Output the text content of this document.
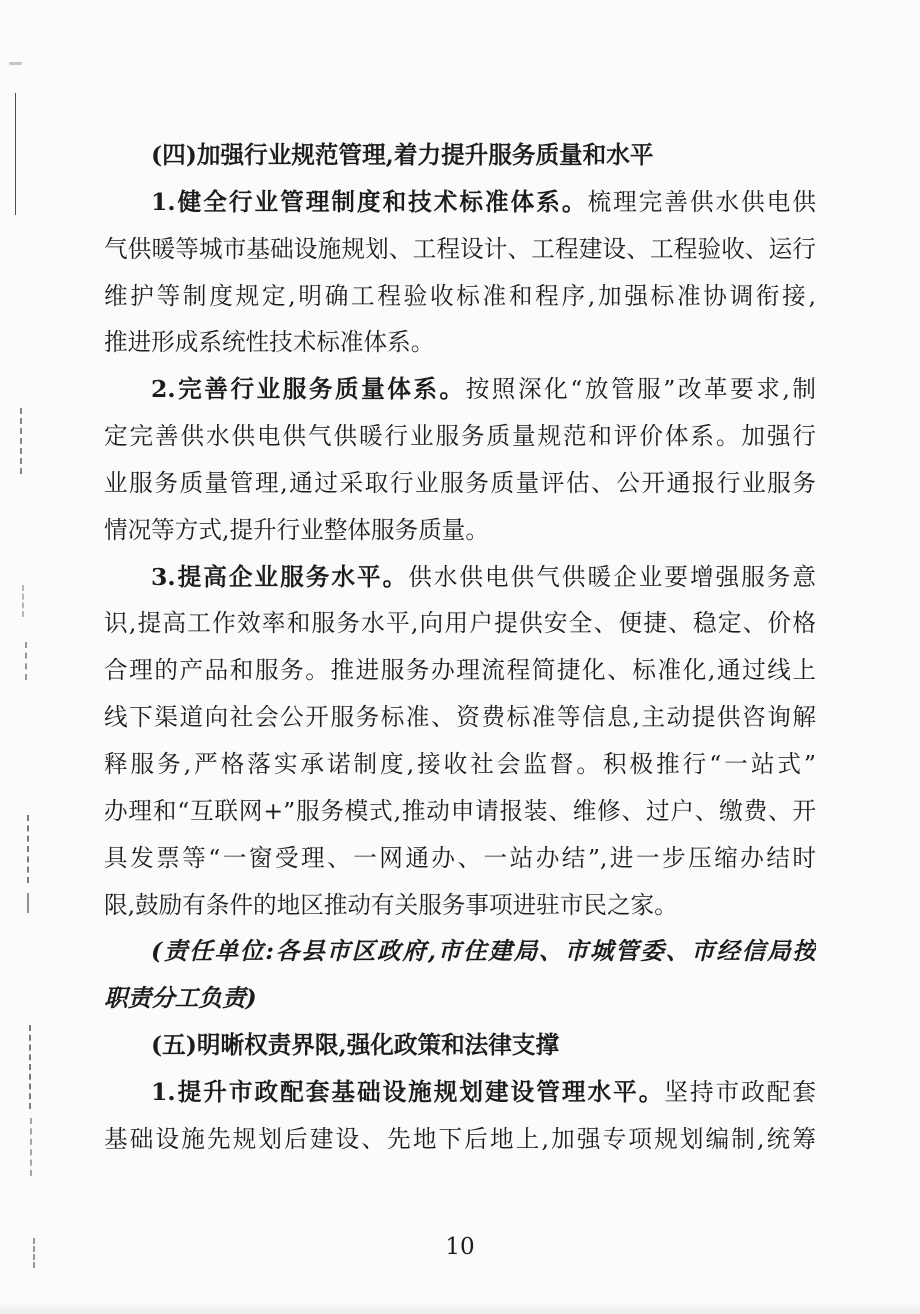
(四)加强行业规范管理,着力提升服务质量和水平
1.健全行业管理制度和技术标准体系。梳理完善供水供电供
气供暖等城市基础设施规划、工程设计、工程建设、工程验收、运行
维护等制度规定,明确工程验收标准和程序,加强标准协调衔接,
推进形成系统性技术标准体系。
2.完善行业服务质量体系。按照深化“放管服”改革要求,制
定完善供水供电供气供暖行业服务质量规范和评价体系。加强行
业服务质量管理,通过采取行业服务质量评估、公开通报行业服务
情况等方式,提升行业整体服务质量。
3.提高企业服务水平。供水供电供气供暖企业要增强服务意
识,提高工作效率和服务水平,向用户提供安全、便捷、稳定、价格
合理的产品和服务。推进服务办理流程简捷化、标准化,通过线上
线下渠道向社会公开服务标准、资费标准等信息,主动提供咨询解
释服务,严格落实承诺制度,接收社会监督。积极推行“一站式”
办理和“互联网+”服务模式,推动申请报装、维修、过户、缴费、开
具发票等“一窗受理、一网通办、一站办结”,进一步压缩办结时
限,鼓励有条件的地区推动有关服务事项进驻市民之家。
(责任单位:各县市区政府,市住建局、市城管委、市经信局按
职责分工负责)
(五)明晰权责界限,强化政策和法律支撑
1.提升市政配套基础设施规划建设管理水平。坚持市政配套
基础设施先规划后建设、先地下后地上,加强专项规划编制,统筹
10
